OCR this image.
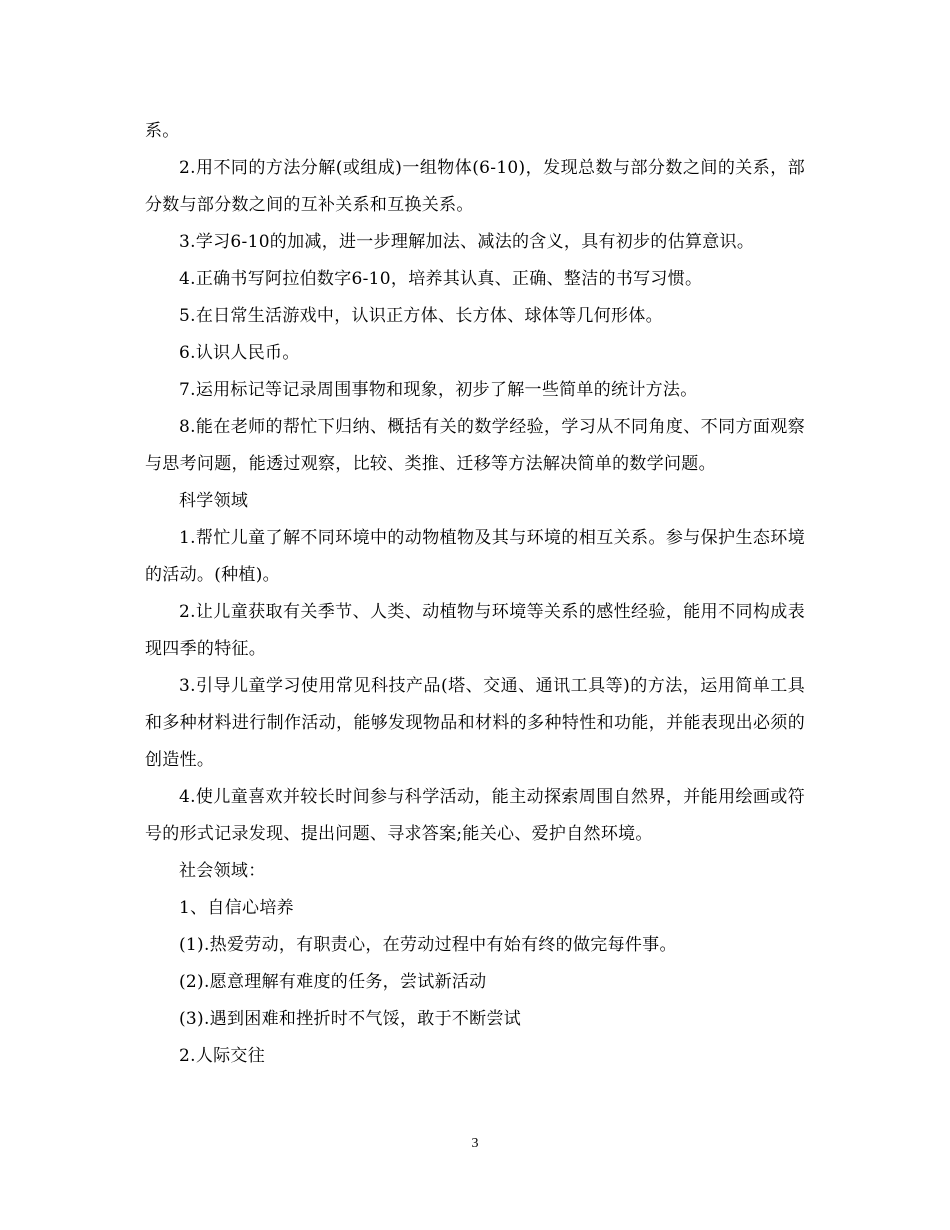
系。

2.用不同的方法分解(或组成)一组物体(6-10)，发现总数与部分数之间的关系，部分数与部分数之间的互补关系和互换关系。

3.学习6-10的加减，进一步理解加法、减法的含义，具有初步的估算意识。

4.正确书写阿拉伯数字6-10，培养其认真、正确、整洁的书写习惯。

5.在日常生活游戏中，认识正方体、长方体、球体等几何形体。

6.认识人民币。

7.运用标记等记录周围事物和现象，初步了解一些简单的统计方法。

8.能在老师的帮忙下归纳、概括有关的数学经验，学习从不同角度、不同方面观察与思考问题，能透过观察，比较、类推、迁移等方法解决简单的数学问题。

科学领域

1.帮忙儿童了解不同环境中的动物植物及其与环境的相互关系。参与保护生态环境的活动。(种植)。

2.让儿童获取有关季节、人类、动植物与环境等关系的感性经验，能用不同构成表现四季的特征。

3.引导儿童学习使用常见科技产品(塔、交通、通讯工具等)的方法，运用简单工具和多种材料进行制作活动，能够发现物品和材料的多种特性和功能，并能表现出必须的创造性。

4.使儿童喜欢并较长时间参与科学活动，能主动探索周围自然界，并能用绘画或符号的形式记录发现、提出问题、寻求答案;能关心、爱护自然环境。

社会领域：

1、自信心培养

(1).热爱劳动，有职责心，在劳动过程中有始有终的做完每件事。

(2).愿意理解有难度的任务，尝试新活动

(3).遇到困难和挫折时不气馁，敢于不断尝试

2.人际交往

3
